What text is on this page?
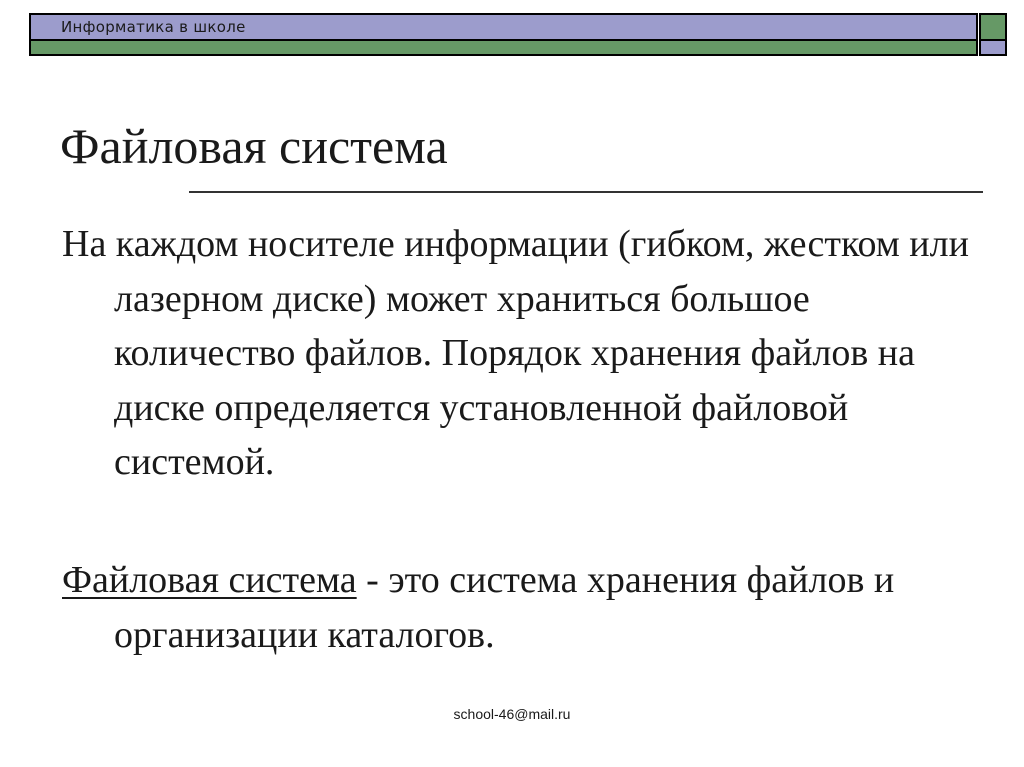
Информатика в школе
Файловая система

На каждом носителе информации (гибком, жестком или лазерном диске) может храниться большое количество файлов. Порядок хранения файлов на диске определяется установленной файловой системой.

Файловая система - это система хранения файлов и организации каталогов.

school-46@mail.ru
